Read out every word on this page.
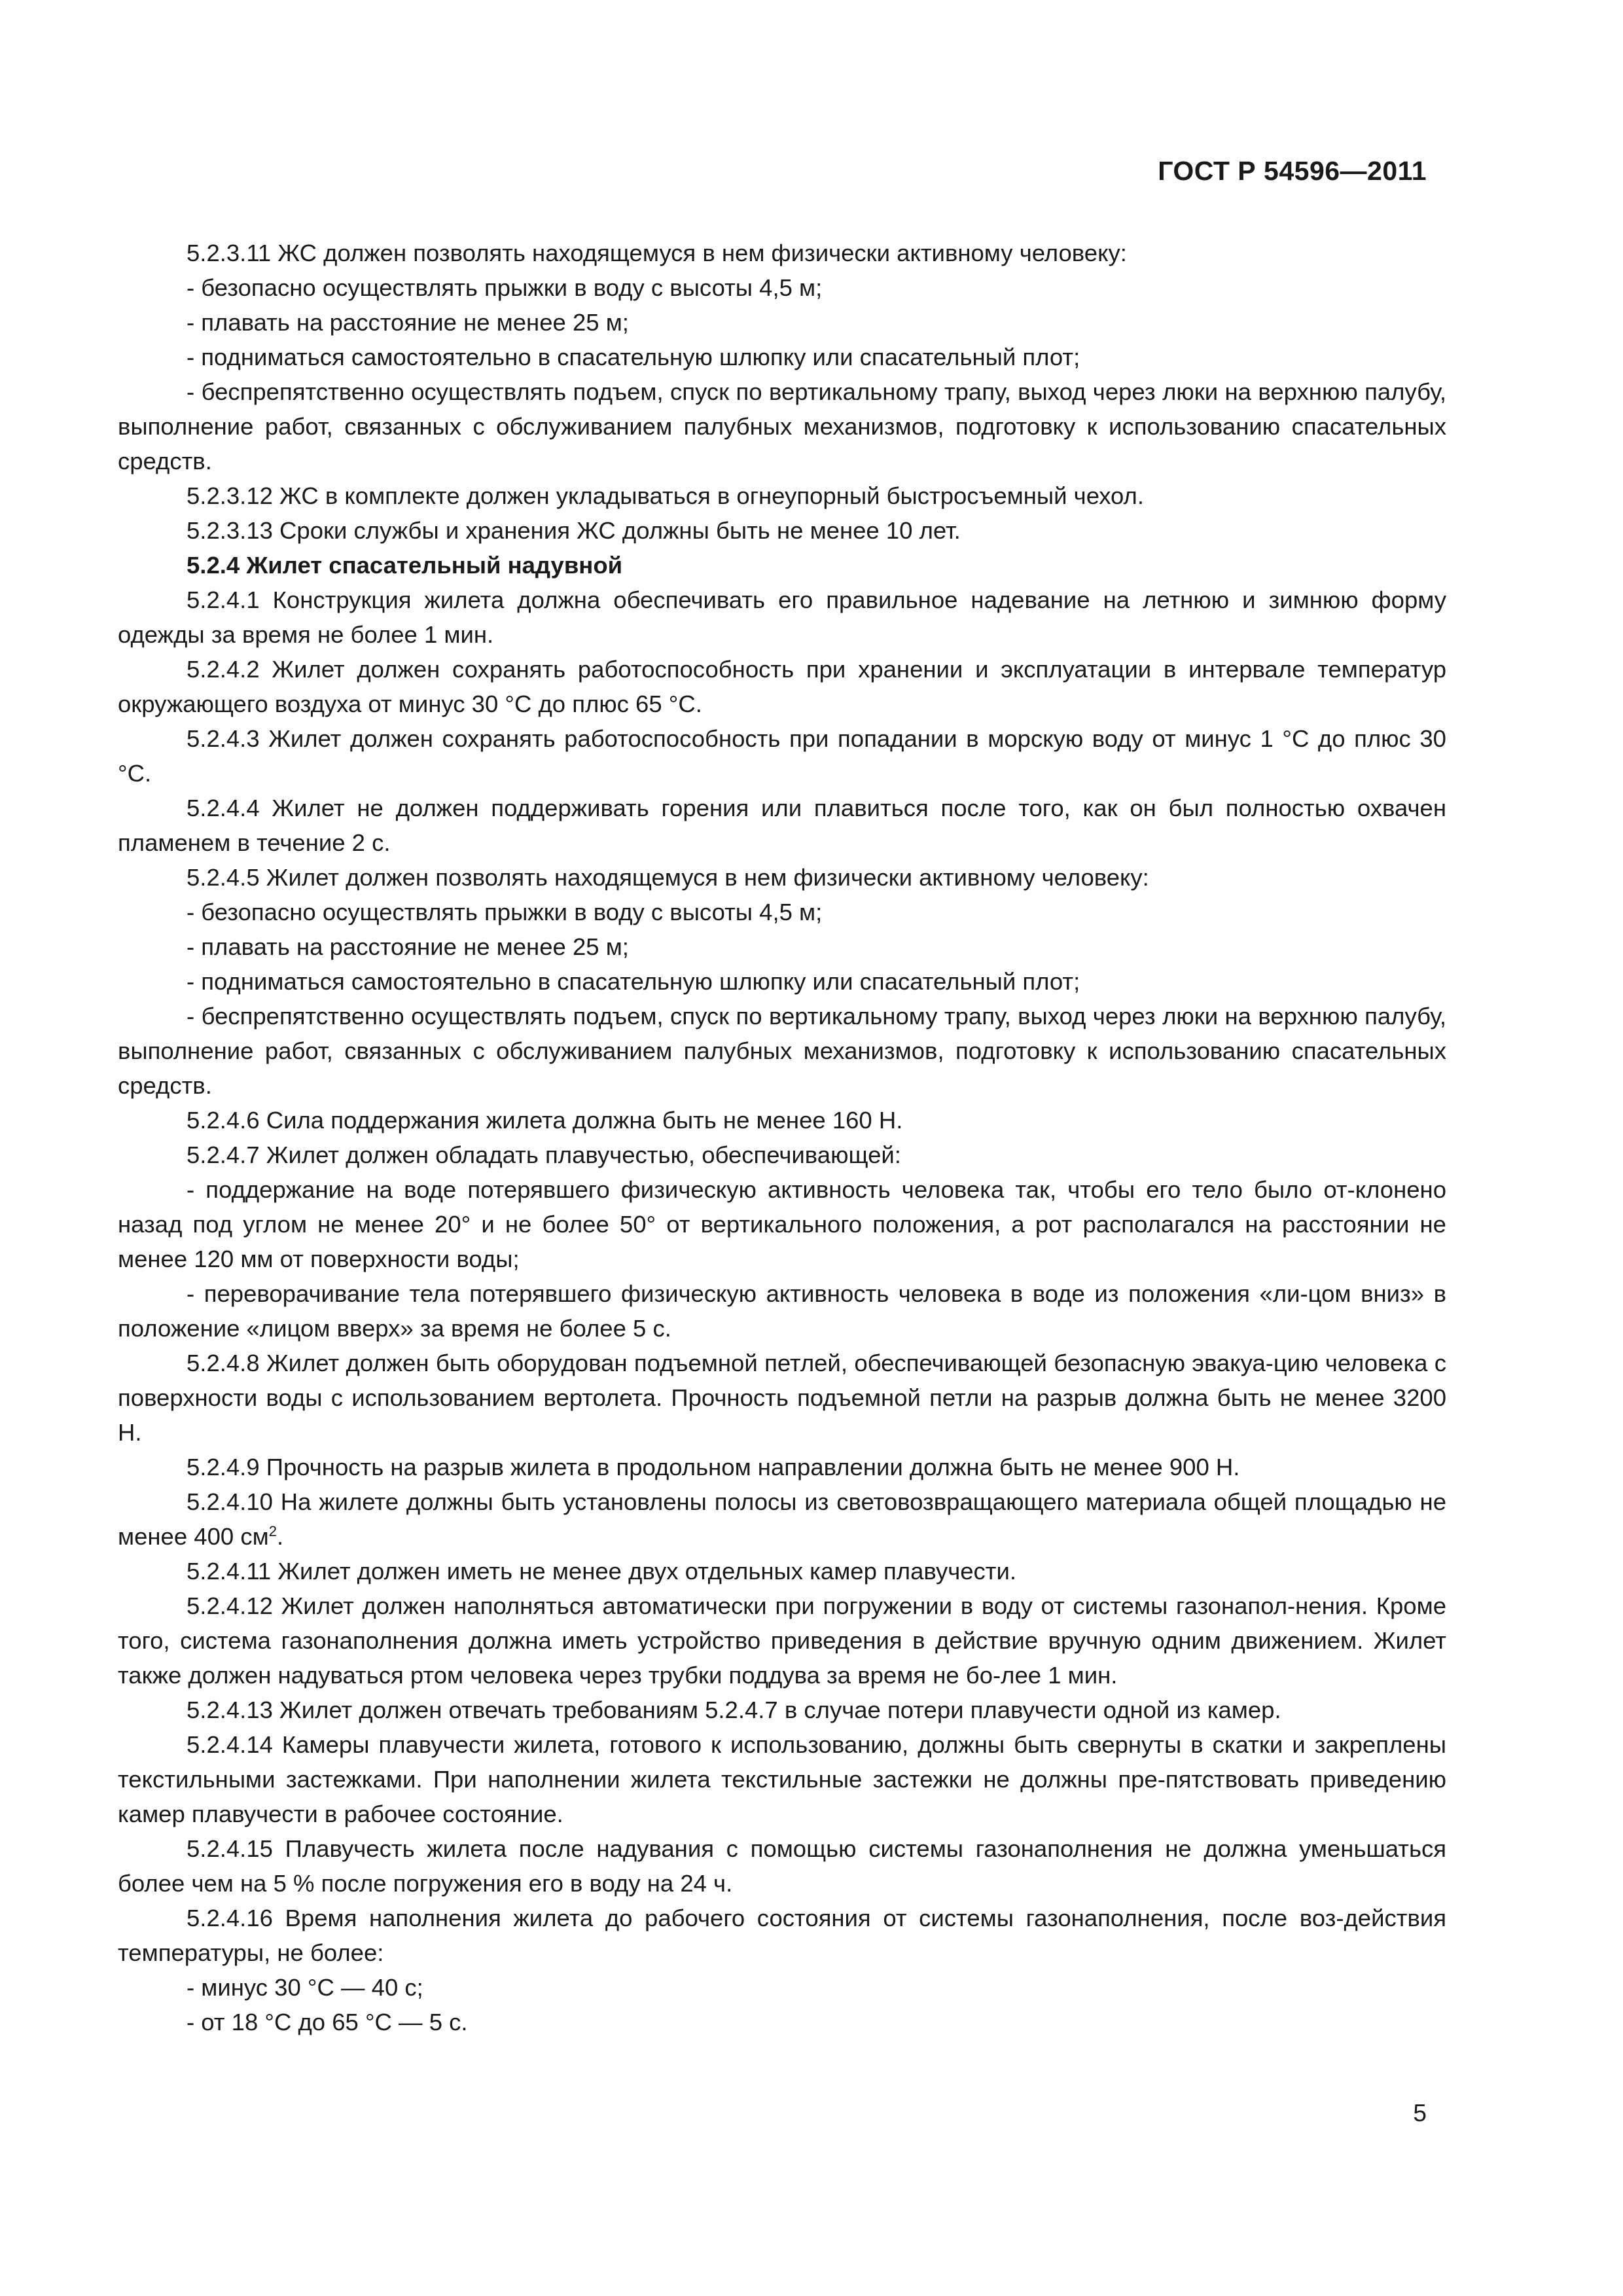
ГОСТ Р 54596—2011

5.2.3.11 ЖС должен позволять находящемуся в нем физически активному человеку:

- безопасно осуществлять прыжки в воду с высоты 4,5 м;

- плавать на расстояние не менее 25 м;

- подниматься самостоятельно в спасательную шлюпку или спасательный плот;

- беспрепятственно осуществлять подъем, спуск по вертикальному трапу, выход через люки на верхнюю палубу, выполнение работ, связанных с обслуживанием палубных механизмов, подготовку к использованию спасательных средств.

5.2.3.12 ЖС в комплекте должен укладываться в огнеупорный быстросъемный чехол.

5.2.3.13 Сроки службы и хранения ЖС должны быть не менее 10 лет.

5.2.4 Жилет спасательный надувной

5.2.4.1 Конструкция жилета должна обеспечивать его правильное надевание на летнюю и зимнюю форму одежды за время не более 1 мин.

5.2.4.2 Жилет должен сохранять работоспособность при хранении и эксплуатации в интервале температур окружающего воздуха от минус 30 °С до плюс 65 °С.

5.2.4.3 Жилет должен сохранять работоспособность при попадании в морскую воду от минус 1 °С до плюс 30 °С.

5.2.4.4 Жилет не должен поддерживать горения или плавиться после того, как он был полностью охвачен пламенем в течение 2 с.

5.2.4.5 Жилет должен позволять находящемуся в нем физически активному человеку:

- безопасно осуществлять прыжки в воду с высоты 4,5 м;

- плавать на расстояние не менее 25 м;

- подниматься самостоятельно в спасательную шлюпку или спасательный плот;

- беспрепятственно осуществлять подъем, спуск по вертикальному трапу, выход через люки на верхнюю палубу, выполнение работ, связанных с обслуживанием палубных механизмов, подготовку к использованию спасательных средств.

5.2.4.6 Сила поддержания жилета должна быть не менее 160 Н.

5.2.4.7 Жилет должен обладать плавучестью, обеспечивающей:

- поддержание на воде потерявшего физическую активность человека так, чтобы его тело было от-клонено назад под углом не менее 20° и не более 50° от вертикального положения, а рот располагался на расстоянии не менее 120 мм от поверхности воды;

- переворачивание тела потерявшего физическую активность человека в воде из положения «ли-цом вниз» в положение «лицом вверх» за время не более 5 с.

5.2.4.8 Жилет должен быть оборудован подъемной петлей, обеспечивающей безопасную эвакуа-цию человека с поверхности воды с использованием вертолета. Прочность подъемной петли на разрыв должна быть не менее 3200 Н.

5.2.4.9 Прочность на разрыв жилета в продольном направлении должна быть не менее 900 Н.

5.2.4.10 На жилете должны быть установлены полосы из световозвращающего материала общей площадью не менее 400 $см^2$.

5.2.4.11 Жилет должен иметь не менее двух отдельных камер плавучести.

5.2.4.12 Жилет должен наполняться автоматически при погружении в воду от системы газонапол-нения. Кроме того, система газонаполнения должна иметь устройство приведения в действие вручную одним движением. Жилет также должен надуваться ртом человека через трубки поддува за время не бо-лее 1 мин.

5.2.4.13 Жилет должен отвечать требованиям 5.2.4.7 в случае потери плавучести одной из камер.

5.2.4.14 Камеры плавучести жилета, готового к использованию, должны быть свернуты в скатки и закреплены текстильными застежками. При наполнении жилета текстильные застежки не должны пре-пятствовать приведению камер плавучести в рабочее состояние.

5.2.4.15 Плавучесть жилета после надувания с помощью системы газонаполнения не должна уменьшаться более чем на 5 % после погружения его в воду на 24 ч.

5.2.4.16 Время наполнения жилета до рабочего состояния от системы газонаполнения, после воз-действия температуры, не более:

- минус 30 °С — 40 с;

- от 18 °С до 65 °С — 5 с.

5
